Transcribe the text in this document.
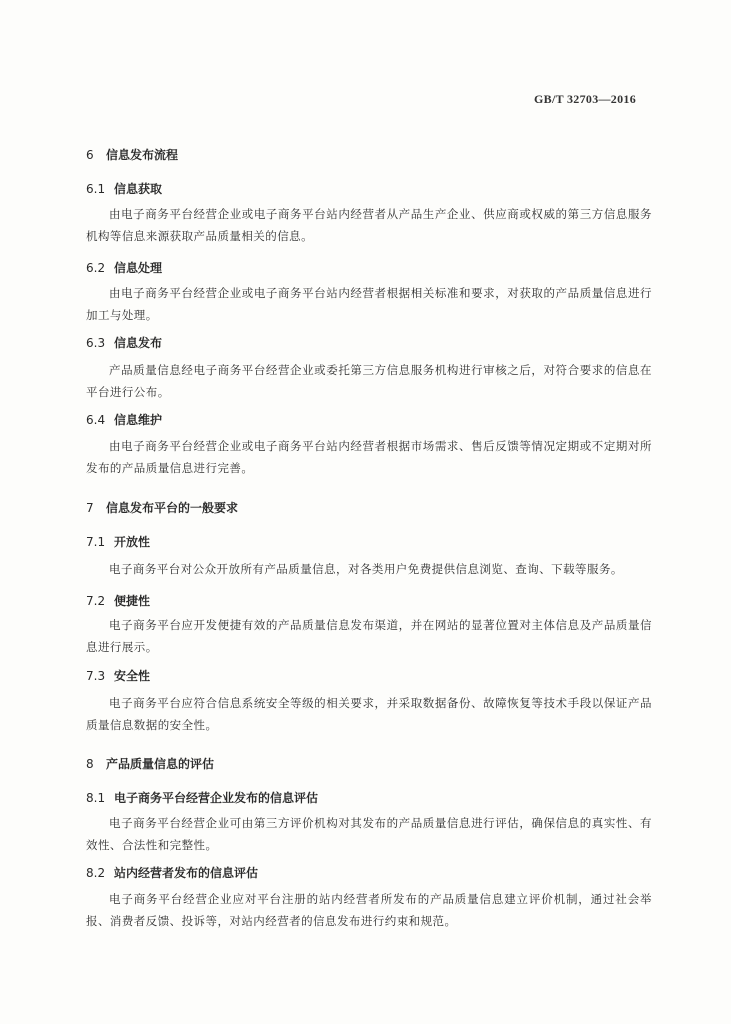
GB/T 32703—2016
6 信息发布流程
6.1 信息获取

由电子商务平台经营企业或电子商务平台站内经营者从产品生产企业、供应商或权威的第三方信息服务机构等信息来源获取产品质量相关的信息。

6.2 信息处理

由电子商务平台经营企业或电子商务平台站内经营者根据相关标准和要求，对获取的产品质量信息进行加工与处理。

6.3 信息发布

产品质量信息经电子商务平台经营企业或委托第三方信息服务机构进行审核之后，对符合要求的信息在平台进行公布。

6.4 信息维护

由电子商务平台经营企业或电子商务平台站内经营者根据市场需求、售后反馈等情况定期或不定期对所发布的产品质量信息进行完善。

7 信息发布平台的一般要求
7.1 开放性

电子商务平台对公众开放所有产品质量信息，对各类用户免费提供信息浏览、查询、下载等服务。

7.2 便捷性

电子商务平台应开发便捷有效的产品质量信息发布渠道，并在网站的显著位置对主体信息及产品质量信息进行展示。

7.3 安全性

电子商务平台应符合信息系统安全等级的相关要求，并采取数据备份、故障恢复等技术手段以保证产品质量信息数据的安全性。

8 产品质量信息的评估
8.1 电子商务平台经营企业发布的信息评估

电子商务平台经营企业可由第三方评价机构对其发布的产品质量信息进行评估，确保信息的真实性、有效性、合法性和完整性。

8.2 站内经营者发布的信息评估

电子商务平台经营企业应对平台注册的站内经营者所发布的产品质量信息建立评价机制，通过社会举报、消费者反馈、投诉等，对站内经营者的信息发布进行约束和规范。
